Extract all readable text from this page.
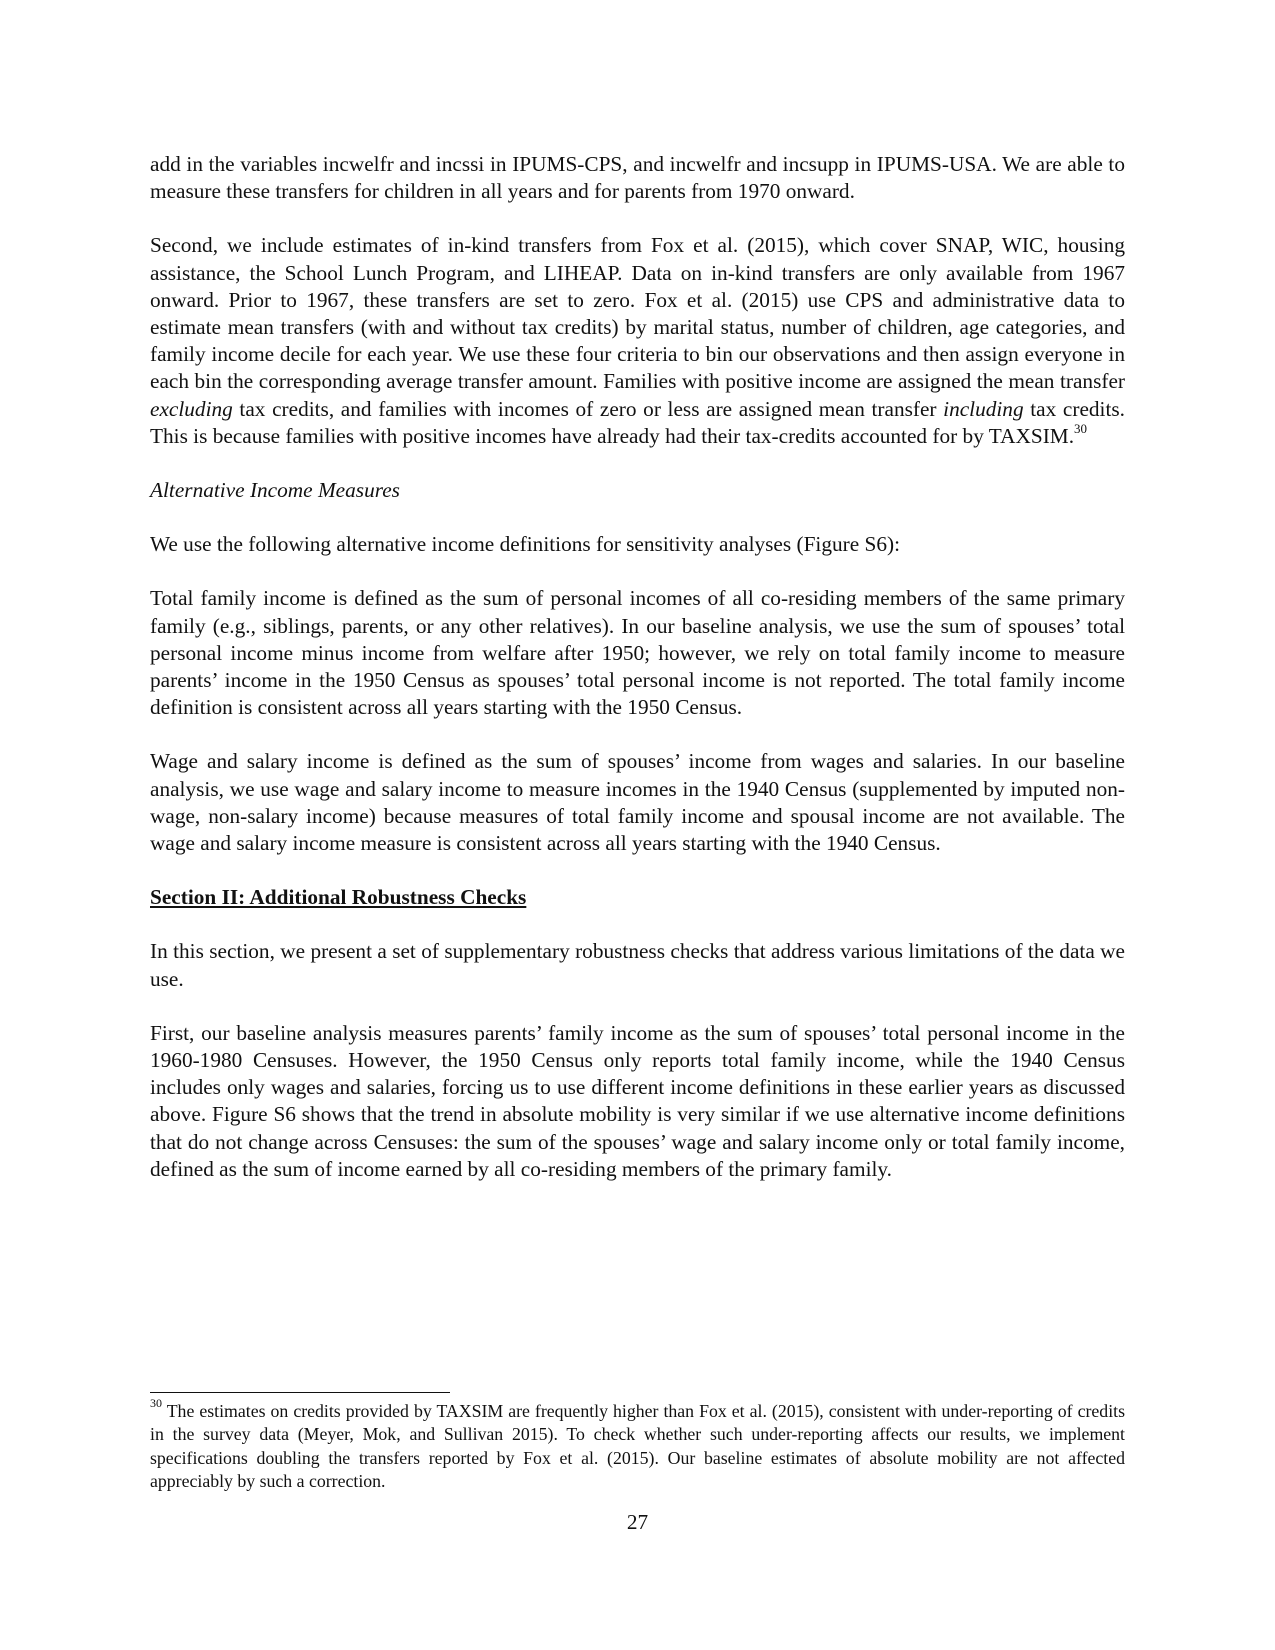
add in the variables incwelfr and incssi in IPUMS-CPS, and incwelfr and incsupp in IPUMS-USA. We are able to measure these transfers for children in all years and for parents from 1970 onward.

Second, we include estimates of in-kind transfers from Fox et al. (2015), which cover SNAP, WIC, housing assistance, the School Lunch Program, and LIHEAP. Data on in-kind transfers are only available from 1967 onward. Prior to 1967, these transfers are set to zero. Fox et al. (2015) use CPS and administrative data to estimate mean transfers (with and without tax credits) by marital status, number of children, age categories, and family income decile for each year. We use these four criteria to bin our observations and then assign everyone in each bin the corresponding average transfer amount. Families with positive income are assigned the mean transfer excluding tax credits, and families with incomes of zero or less are assigned mean transfer including tax credits. This is because families with positive incomes have already had their tax-credits accounted for by TAXSIM.$^{30}$

Alternative Income Measures

We use the following alternative income definitions for sensitivity analyses (Figure S6):

Total family income is defined as the sum of personal incomes of all co-residing members of the same primary family (e.g., siblings, parents, or any other relatives). In our baseline analysis, we use the sum of spouses’ total personal income minus income from welfare after 1950; however, we rely on total family income to measure parents’ income in the 1950 Census as spouses’ total personal income is not reported. The total family income definition is consistent across all years starting with the 1950 Census.

Wage and salary income is defined as the sum of spouses’ income from wages and salaries. In our baseline analysis, we use wage and salary income to measure incomes in the 1940 Census (supplemented by imputed non-wage, non-salary income) because measures of total family income and spousal income are not available. The wage and salary income measure is consistent across all years starting with the 1940 Census.

Section II: Additional Robustness Checks

In this section, we present a set of supplementary robustness checks that address various limitations of the data we use.

First, our baseline analysis measures parents’ family income as the sum of spouses’ total personal income in the 1960-1980 Censuses. However, the 1950 Census only reports total family income, while the 1940 Census includes only wages and salaries, forcing us to use different income definitions in these earlier years as discussed above. Figure S6 shows that the trend in absolute mobility is very similar if we use alternative income definitions that do not change across Censuses: the sum of the spouses’ wage and salary income only or total family income, defined as the sum of income earned by all co-residing members of the primary family.

$^{30}$ The estimates on credits provided by TAXSIM are frequently higher than Fox et al. (2015), consistent with under-reporting of credits in the survey data (Meyer, Mok, and Sullivan 2015). To check whether such under-reporting affects our results, we implement specifications doubling the transfers reported by Fox et al. (2015). Our baseline estimates of absolute mobility are not affected appreciably by such a correction.

27
